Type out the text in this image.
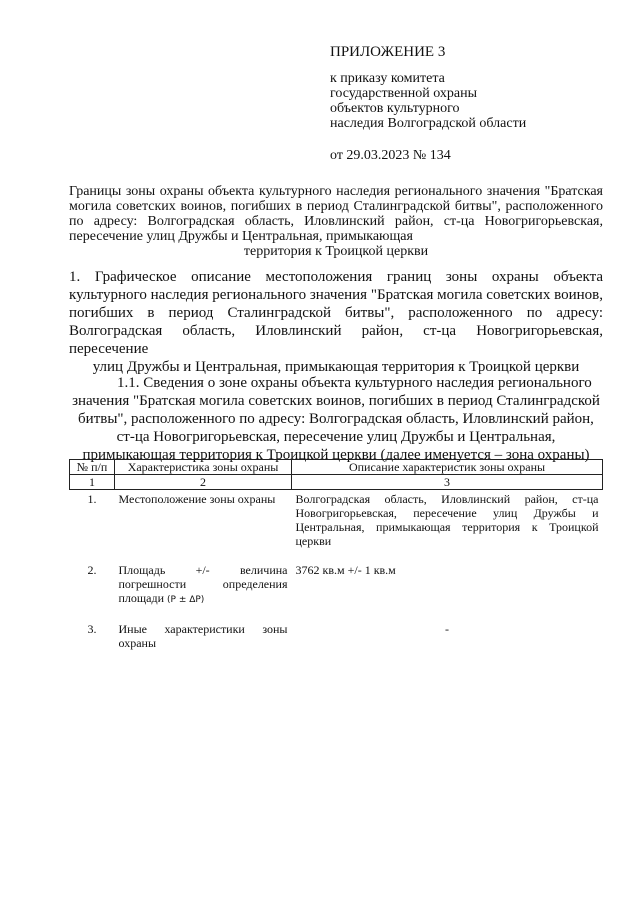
ПРИЛОЖЕНИЕ 3
к приказу комитета
государственной охраны
объектов культурного
наследия Волгоградской области
от 29.03.2023 № 134
Границы зоны охраны объекта культурного наследия регионального значения "Братская могила советских воинов, погибших в период Сталинградской битвы", расположенного по адресу: Волгоградская область, Иловлинский район, ст-ца Новогригорьевская, пересечение улиц Дружбы и Центральная, примыкающая
территория к Троицкой церкви
1. Графическое описание местоположения границ зоны охраны объекта культурного наследия регионального значения "Братская могила советских воинов, погибших в период Сталинградской битвы", расположенного по адресу: Волгоградская область, Иловлинский район, ст-ца Новогригорьевская, пересечение
улиц Дружбы и Центральная, примыкающая территория к Троицкой церкви
1.1. Сведения о зоне охраны объекта культурного наследия регионального
значения "Братская могила советских воинов, погибших в период Сталинградской
битвы", расположенного по адресу: Волгоградская область, Иловлинский район,
ст-ца Новогригорьевская, пересечение улиц Дружбы и Центральная,
примыкающая территория к Троицкой церкви (далее именуется – зона охраны)
№ п/п	Характеристика зоны охраны	Описание характеристик зоны охраны
1	2	3
1.	Местоположение зоны охраны	Волгоградская область, Иловлинский район, ст-ца Новогригорьевская, пересечение улиц Дружбы и Центральная, примыкающая территория к Троицкой церкви
2.	Площадь +/- величина погрешности определения площади (P ± ΔP)	3762 кв.м +/- 1 кв.м
3.	Иные характеристики зоны охраны	-
